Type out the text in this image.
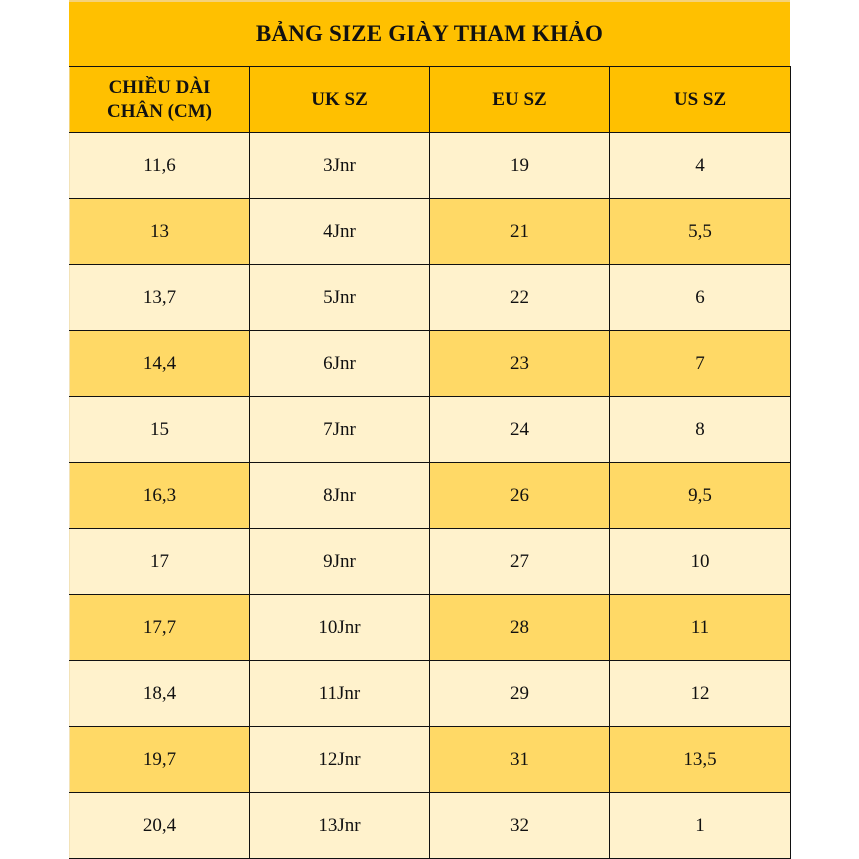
BẢNG SIZE GIÀY THAM KHẢO
CHIỀU DÀI
CHÂN (CM)	UK SZ	EU SZ	US SZ
11,6	3Jnr	19	4
13	4Jnr	21	5,5
13,7	5Jnr	22	6
14,4	6Jnr	23	7
15	7Jnr	24	8
16,3	8Jnr	26	9,5
17	9Jnr	27	10
17,7	10Jnr	28	11
18,4	11Jnr	29	12
19,7	12Jnr	31	13,5
20,4	13Jnr	32	1
